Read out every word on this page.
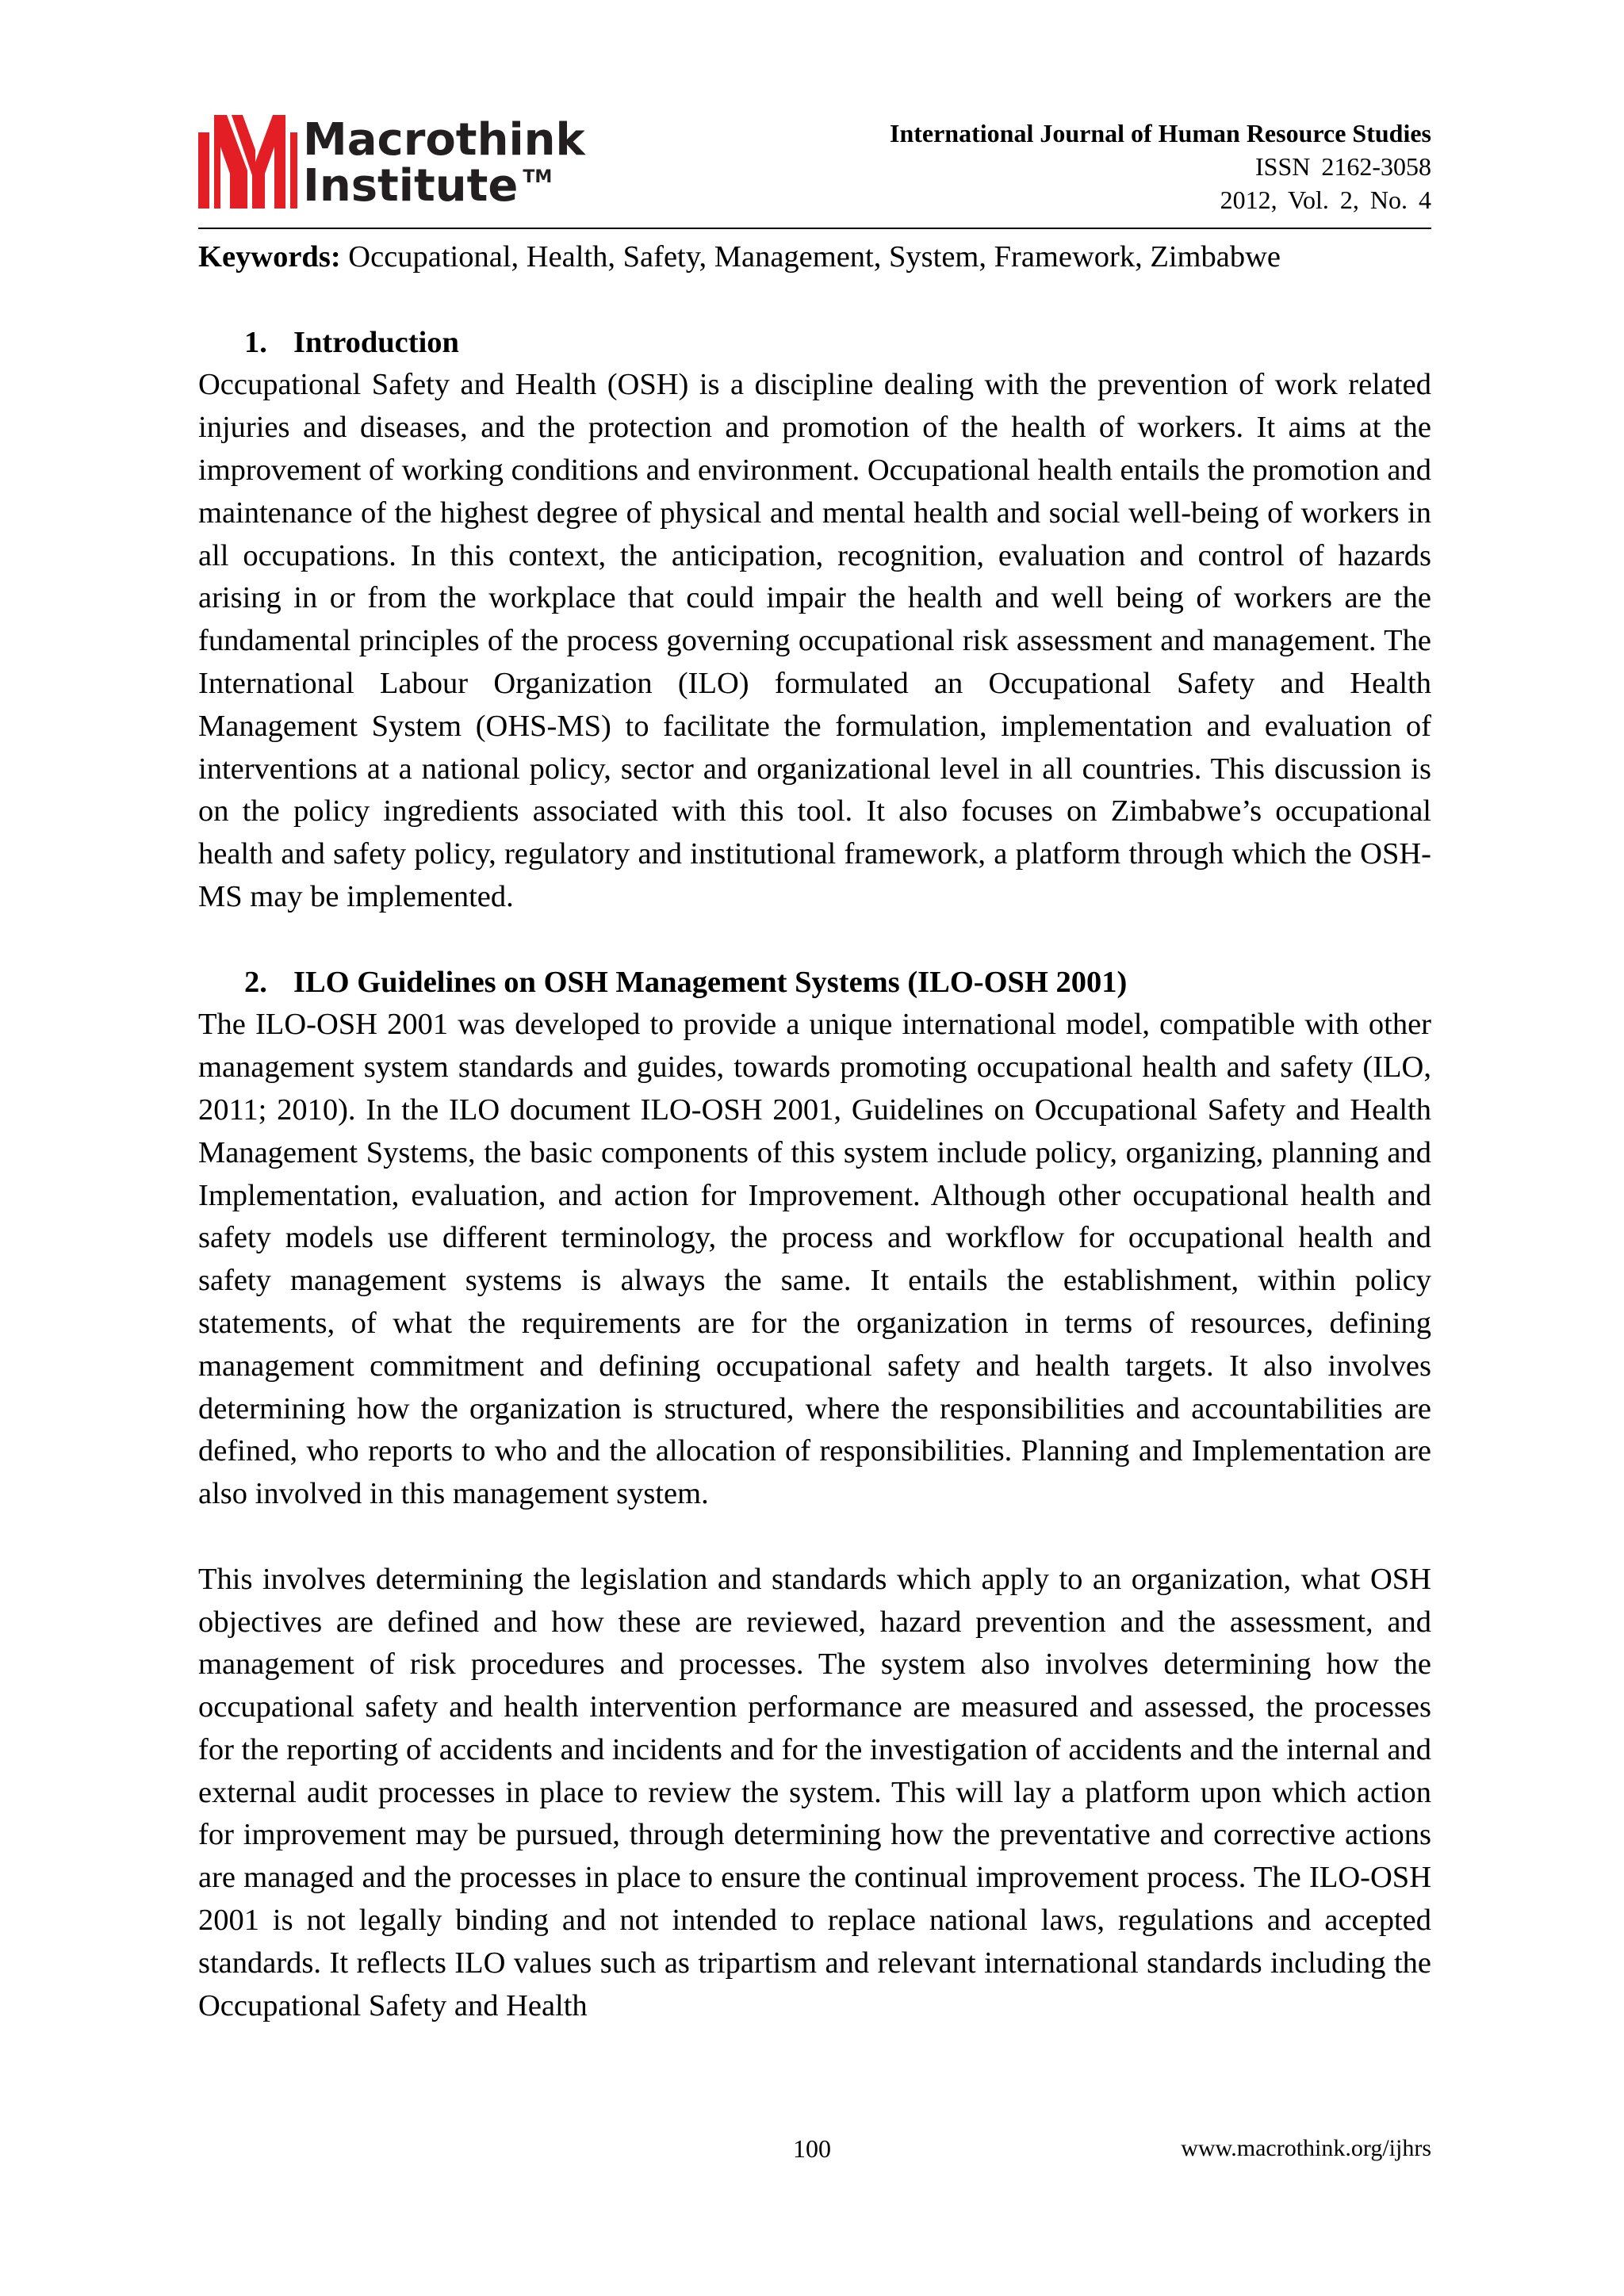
Macrothink
Institute ™
International Journal of Human Resource Studies
ISSN 2162-3058
2012, Vol. 2, No. 4

Keywords: Occupational, Health, Safety, Management, System, Framework, Zimbabwe

1. Introduction

Occupational Safety and Health (OSH) is a discipline dealing with the prevention of work related injuries and diseases, and the protection and promotion of the health of workers. It aims at the improvement of working conditions and environment. Occupational health entails the promotion and maintenance of the highest degree of physical and mental health and social well-being of workers in all occupations. In this context, the anticipation, recognition, evaluation and control of hazards arising in or from the workplace that could impair the health and well being of workers are the fundamental principles of the process governing occupational risk assessment and management. The International Labour Organization (ILO) formulated an Occupational Safety and Health Management System (OHS-MS) to facilitate the formulation, implementation and evaluation of interventions at a national policy, sector and organizational level in all countries. This discussion is on the policy ingredients associated with this tool. It also focuses on Zimbabwe’s occupational health and safety policy, regulatory and institutional framework, a platform through which the OSH-MS may be implemented.

2. ILO Guidelines on OSH Management Systems (ILO-OSH 2001)

The ILO-OSH 2001 was developed to provide a unique international model, compatible with other management system standards and guides, towards promoting occupational health and safety (ILO, 2011; 2010). In the ILO document ILO-OSH 2001, Guidelines on Occupational Safety and Health Management Systems, the basic components of this system include policy, organizing, planning and Implementation, evaluation, and action for Improvement. Although other occupational health and safety models use different terminology, the process and workflow for occupational health and safety management systems is always the same. It entails the establishment, within policy statements, of what the requirements are for the organization in terms of resources, defining management commitment and defining occupational safety and health targets. It also involves determining how the organization is structured, where the responsibilities and accountabilities are defined, who reports to who and the allocation of responsibilities. Planning and Implementation are also involved in this management system.

This involves determining the legislation and standards which apply to an organization, what OSH objectives are defined and how these are reviewed, hazard prevention and the assessment, and management of risk procedures and processes. The system also involves determining how the occupational safety and health intervention performance are measured and assessed, the processes for the reporting of accidents and incidents and for the investigation of accidents and the internal and external audit processes in place to review the system. This will lay a platform upon which action for improvement may be pursued, through determining how the preventative and corrective actions are managed and the processes in place to ensure the continual improvement process. The ILO-OSH 2001 is not legally binding and not intended to replace national laws, regulations and accepted standards. It reflects ILO values such as tripartism and relevant international standards including the Occupational Safety and Health

100	www.macrothink.org/ijhrs
